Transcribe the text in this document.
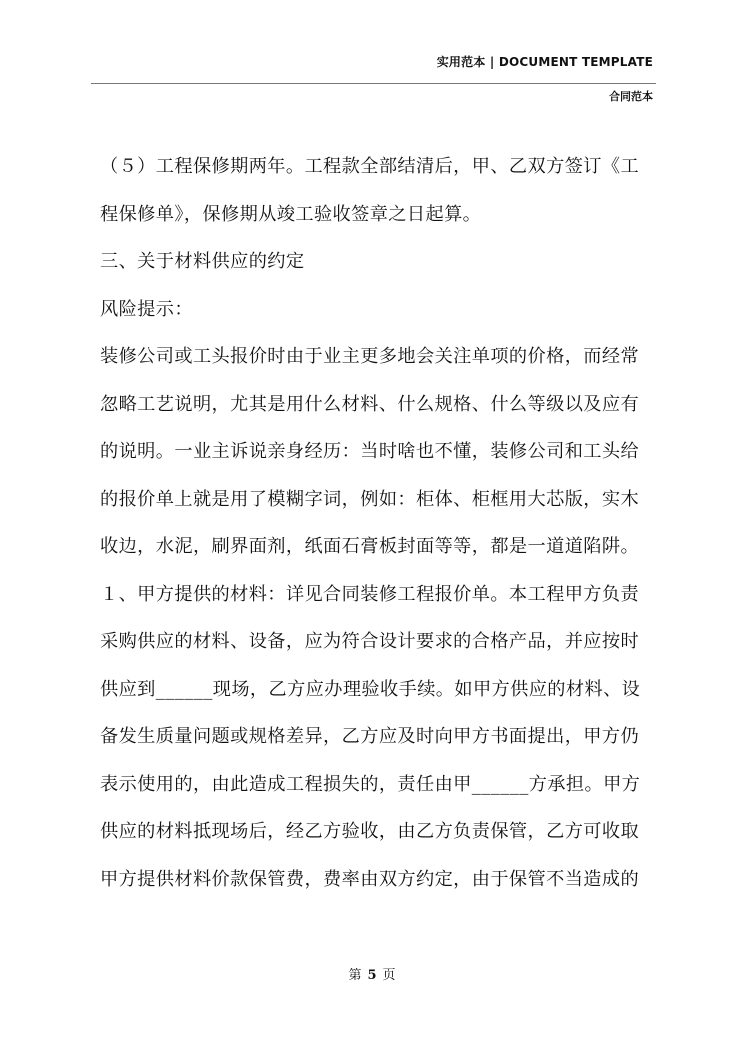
实用范本 | DOCUMENT TEMPLATE
合同范本

（５）工程保修期两年。工程款全部结清后，甲、乙双方签订《工

程保修单》，保修期从竣工验收签章之日起算。

三、关于材料供应的约定

风险提示：

装修公司或工头报价时由于业主更多地会关注单项的价格，而经常

忽略工艺说明，尤其是用什么材料、什么规格、什么等级以及应有

的说明。一业主诉说亲身经历：当时啥也不懂，装修公司和工头给

的报价单上就是用了模糊字词，例如：柜体、柜框用大芯版，实木

收边，水泥，刷界面剂，纸面石膏板封面等等，都是一道道陷阱。

１、甲方提供的材料：详见合同装修工程报价单。本工程甲方负责

采购供应的材料、设备，应为符合设计要求的合格产品，并应按时

供应到______现场，乙方应办理验收手续。如甲方供应的材料、设

备发生质量问题或规格差异，乙方应及时向甲方书面提出，甲方仍

表示使用的，由此造成工程损失的，责任由甲______方承担。甲方

供应的材料抵现场后，经乙方验收，由乙方负责保管，乙方可收取

甲方提供材料价款保管费，费率由双方约定，由于保管不当造成的

第 5 页
